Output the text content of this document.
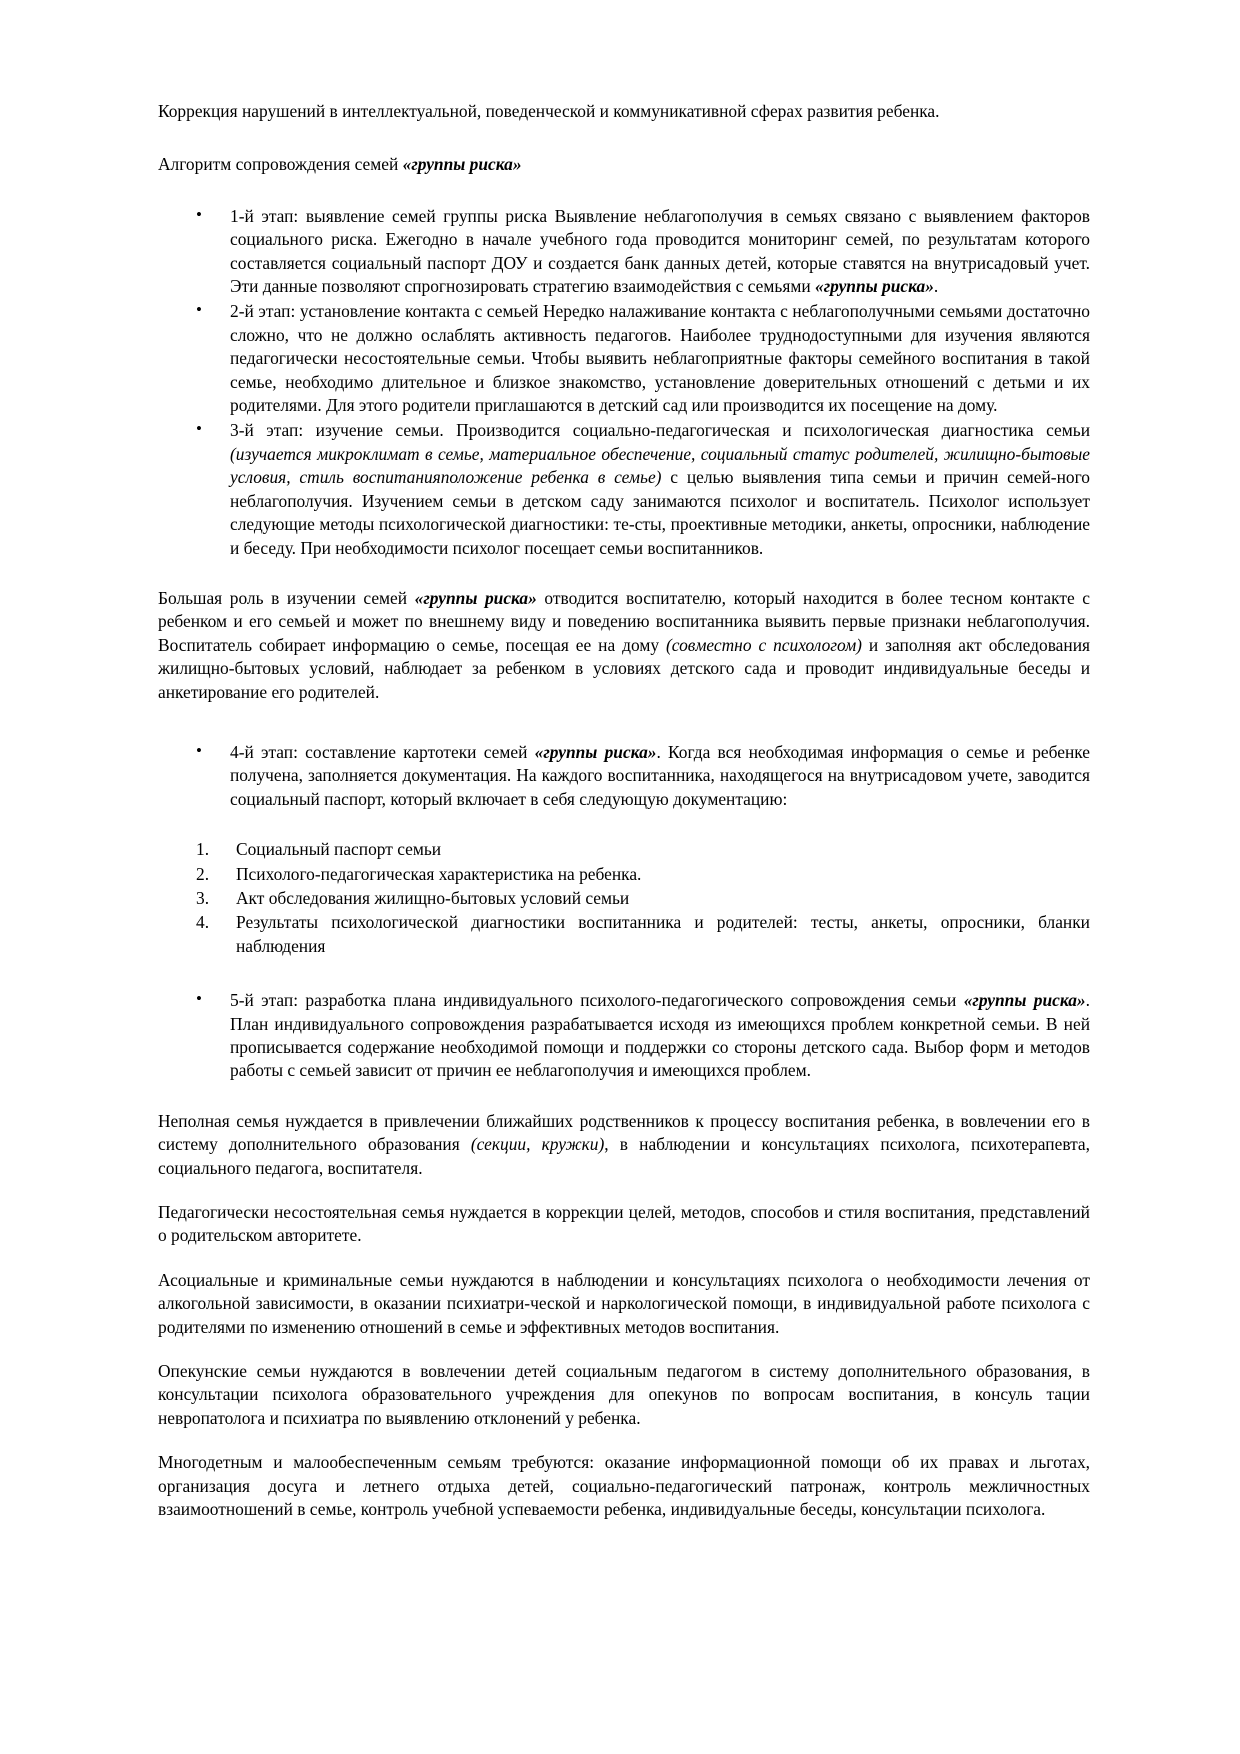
Коррекция нарушений в интеллектуальной, поведенческой и коммуникативной сферах развития ребенка.

Алгоритм сопровождения семей «группы риска»

• 1-й этап: выявление семей группы риска Выявление неблагополучия в семьях связано с выявлением факторов социального риска. Ежегодно в начале учебного года проводится мониторинг семей, по результатам которого составляется социальный паспорт ДОУ и создается банк данных детей, которые ставятся на внутрисадовый учет. Эти данные позволяют спрогнозировать стратегию взаимодействия с семьями «группы риска».
• 2-й этап: установление контакта с семьей Нередко налаживание контакта с неблагополучными семьями достаточно сложно, что не должно ослаблять активность педагогов. Наиболее труднодоступными для изучения являются педагогически несостоятельные семьи. Чтобы выявить неблагоприятные факторы семейного воспитания в такой семье, необходимо длительное и близкое знакомство, установление доверительных отношений с детьми и их родителями. Для этого родители приглашаются в детский сад или производится их посещение на дому.
• 3-й этап: изучение семьи. Производится социально-педагогическая и психологическая диагностика семьи (изучается микроклимат в семье, материальное обеспечение, социальный статус родителей, жилищно-бытовые условия, стиль воспитанияположение ребенка в семье) с целью выявления типа семьи и причин семей-ного неблагополучия. Изучением семьи в детском саду занимаются психолог и воспитатель. Психолог использует следующие методы психологической диагностики: те-сты, проективные методики, анкеты, опросники, наблюдение и беседу. При необходимости психолог посещает семьи воспитанников.

Большая роль в изучении семей «группы риска» отводится воспитателю, который находится в более тесном контакте с ребенком и его семьей и может по внешнему виду и поведению воспитанника выявить первые признаки неблагополучия. Воспитатель собирает информацию о семье, посещая ее на дому (совместно с психологом) и заполняя акт обследования жилищно-бытовых условий, наблюдает за ребенком в условиях детского сада и проводит индивидуальные беседы и анкетирование его родителей.

• 4-й этап: составление картотеки семей «группы риска». Когда вся необходимая информация о семье и ребенке получена, заполняется документация. На каждого воспитанника, находящегося на внутрисадовом учете, заводится социальный паспорт, который включает в себя следующую документацию:
Социальный паспорт семьи
Психолого-педагогическая характеристика на ребенка.
Акт обследования жилищно-бытовых условий семьи
Результаты психологической диагностики воспитанника и родителей: тесты, анкеты, опросники, бланки наблюдения
• 5-й этап: разработка плана индивидуального психолого-педагогического сопровождения семьи «группы риска». План индивидуального сопровождения разрабатывается исходя из имеющихся проблем конкретной семьи. В ней прописывается содержание необходимой помощи и поддержки со стороны детского сада. Выбор форм и методов работы с семьей зависит от причин ее неблагополучия и имеющихся проблем.

Неполная семья нуждается в привлечении ближайших родственников к процессу воспитания ребенка, в вовлечении его в систему дополнительного образования (секции, кружки), в наблюдении и консультациях психолога, психотерапевта, социального педагога, воспитателя.

Педагогически несостоятельная семья нуждается в коррекции целей, методов, способов и стиля воспитания, представлений о родительском авторитете.

Асоциальные и криминальные семьи нуждаются в наблюдении и консультациях психолога о необходимости лечения от алкогольной зависимости, в оказании психиатри-ческой и наркологической помощи, в индивидуальной работе психолога с родителями по изменению отношений в семье и эффективных методов воспитания.

Опекунские семьи нуждаются в вовлечении детей социальным педагогом в систему дополнительного образования, в консультации психолога образовательного учреждения для опекунов по вопросам воспитания, в консуль тации невропатолога и психиатра по выявлению отклонений у ребенка.

Многодетным и малообеспеченным семьям требуются: оказание информационной помощи об их правах и льготах, организация досуга и летнего отдыха детей, социально-педагогический патронаж, контроль межличностных взаимоотношений в семье, контроль учебной успеваемости ребенка, индивидуальные беседы, консультации психолога.
